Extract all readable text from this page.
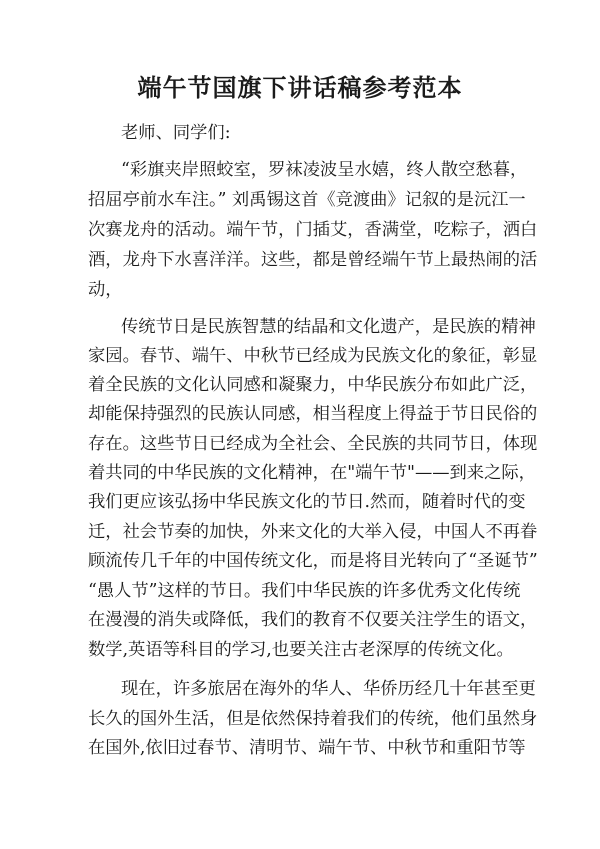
端午节国旗下讲话稿参考范本

老师、同学们:

“彩旗夹岸照蛟室，罗袜凌波呈水嬉，终人散空愁暮，

招屈亭前水车注。” 刘禹锡这首《竞渡曲》记叙的是沅江一

次赛龙舟的活动。端午节，门插艾，香满堂，吃粽子，洒白

酒，龙舟下水喜洋洋。这些，都是曾经端午节上最热闹的活

动，

传统节日是民族智慧的结晶和文化遗产，是民族的精神

家园。春节、端午、中秋节已经成为民族文化的象征，彰显

着全民族的文化认同感和凝聚力，中华民族分布如此广泛，

却能保持强烈的民族认同感，相当程度上得益于节日民俗的

存在。这些节日已经成为全社会、全民族的共同节日，体现

着共同的中华民族的文化精神，在"端午节"——到来之际，

我们更应该弘扬中华民族文化的节日.然而，随着时代的变

迁，社会节奏的加快，外来文化的大举入侵，中国人不再眷

顾流传几千年的中国传统文化，而是将目光转向了“圣诞节”

“愚人节”这样的节日。我们中华民族的许多优秀文化传统

在漫漫的消失或降低，我们的教育不仅要关注学生的语文，

数学,英语等科目的学习,也要关注古老深厚的传统文化。

现在，许多旅居在海外的华人、华侨历经几十年甚至更

长久的国外生活，但是依然保持着我们的传统，他们虽然身

在国外,依旧过春节、清明节、端午节、中秋节和重阳节等
